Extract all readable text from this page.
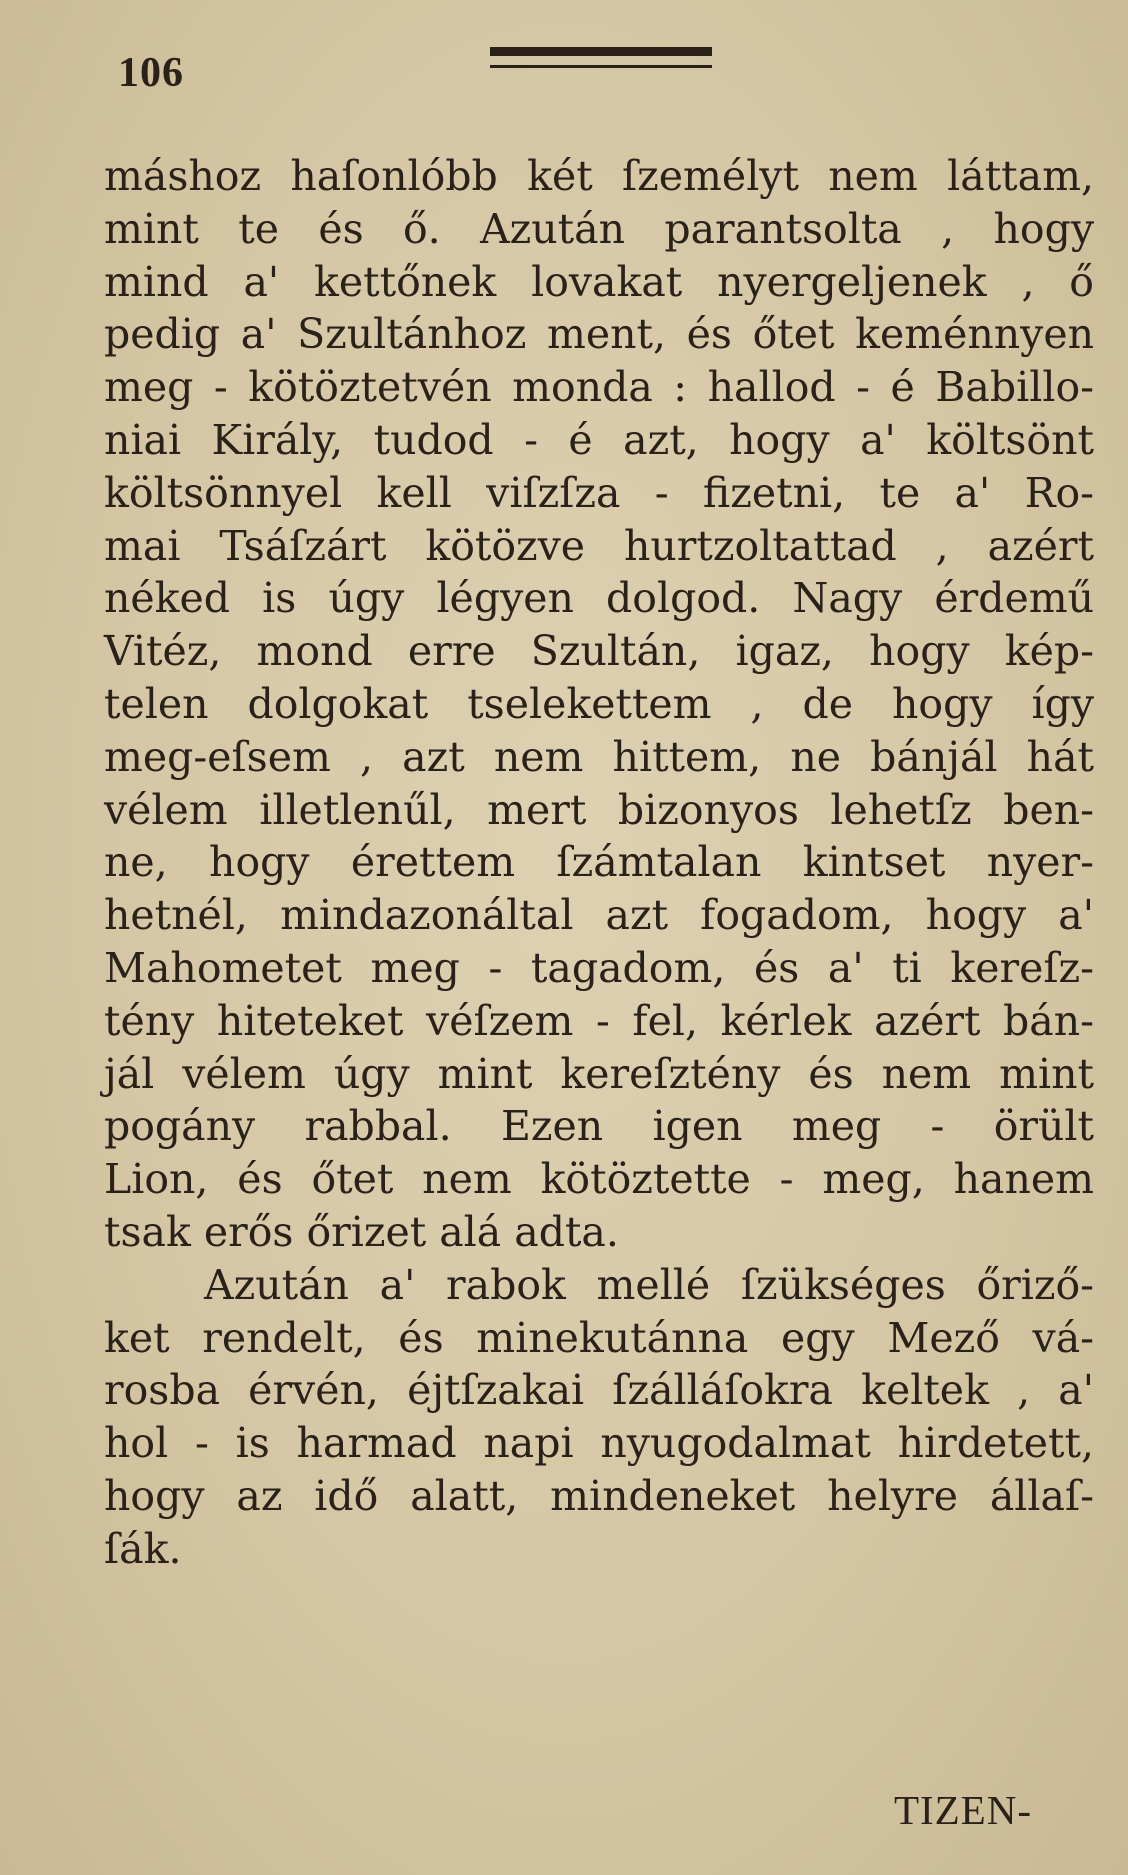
106
máshoz haſonlóbb két ſzemélyt nem láttam,
mint te és ő. Azután parantsolta , hogy
mind a' kettőnek lovakat nyergeljenek , ő
pedig a' Szultánhoz ment, és őtet keménnyen
meg - kötöztetvén monda : hallod - é Babillo-
niai Király, tudod - é azt, hogy a' költsönt
költsönnyel kell viſzſza - fizetni, te a' Ro-
mai Tsáſzárt kötözve hurtzoltattad , azért
néked is úgy légyen dolgod. Nagy érdemű
Vitéz, mond erre Szultán, igaz, hogy kép-
telen dolgokat tselekettem , de hogy így
meg-eſsem , azt nem hittem, ne bánjál hát
vélem illetlenűl, mert bizonyos lehetſz ben-
ne, hogy érettem ſzámtalan kintset nyer-
hetnél, mindazonáltal azt fogadom, hogy a'
Mahometet meg - tagadom, és a' ti kereſz-
tény hiteteket véſzem - fel, kérlek azért bán-
jál vélem úgy mint kereſztény és nem mint
pogány rabbal. Ezen igen meg - örült
Lion, és őtet nem kötöztette - meg, hanem
tsak erős őrizet alá adta.
Azután a' rabok mellé ſzükséges őriző-
ket rendelt, és minekutánna egy Mező vá-
rosba érvén, éjtſzakai ſzálláſokra keltek , a'
hol - is harmad napi nyugodalmat hirdetett,
hogy az idő alatt, mindeneket helyre állaſ-
ſák.
TIZEN-
